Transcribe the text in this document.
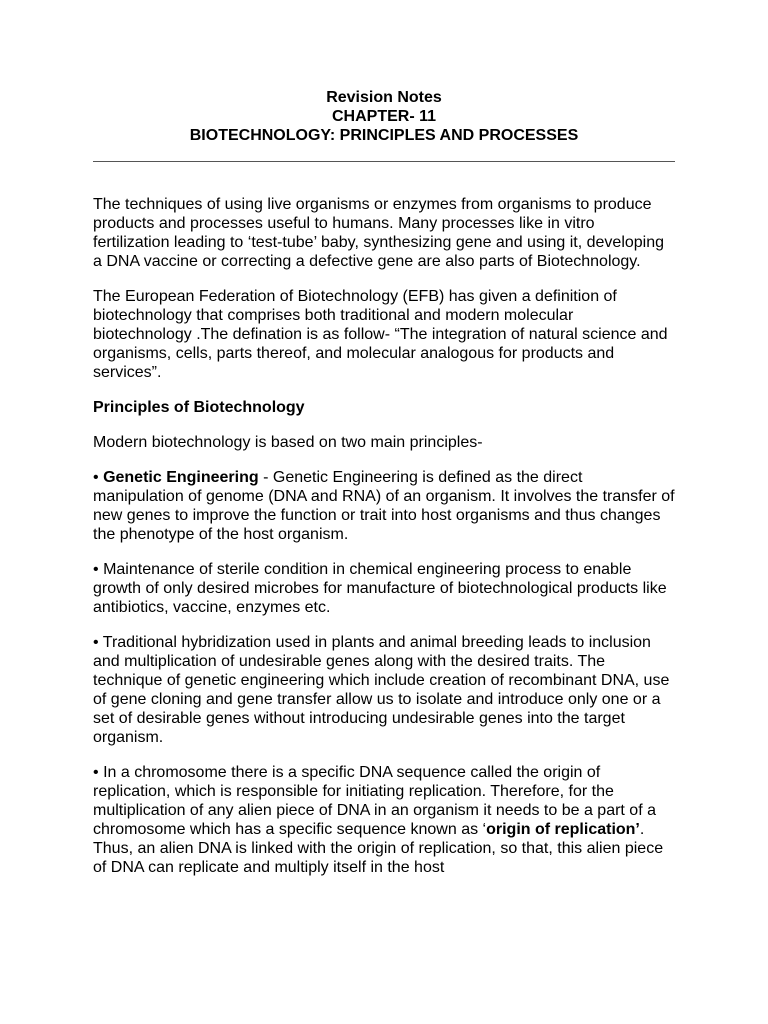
Revision Notes
CHAPTER- 11
BIOTECHNOLOGY: PRINCIPLES AND PROCESSES

The techniques of using live organisms or enzymes from organisms to produce products and processes useful to humans. Many processes like in vitro fertilization leading to ‘test-tube’ baby, synthesizing gene and using it, developing a DNA vaccine or correcting a defective gene are also parts of Biotechnology.

The European Federation of Biotechnology (EFB) has given a definition of biotechnology that comprises both traditional and modern molecular biotechnology .The defination is as follow- “The integration of natural science and organisms, cells, parts thereof, and molecular analogous for products and services”.

Principles of Biotechnology

Modern biotechnology is based on two main principles-

• Genetic Engineering - Genetic Engineering is defined as the direct manipulation of genome (DNA and RNA) of an organism. It involves the transfer of new genes to improve the function or trait into host organisms and thus changes the phenotype of the host organism.

• Maintenance of sterile condition in chemical engineering process to enable growth of only desired microbes for manufacture of biotechnological products like antibiotics, vaccine, enzymes etc.

• Traditional hybridization used in plants and animal breeding leads to inclusion and multiplication of undesirable genes along with the desired traits. The technique of genetic engineering which include creation of recombinant DNA, use of gene cloning and gene transfer allow us to isolate and introduce only one or a set of desirable genes without introducing undesirable genes into the target organism.

• In a chromosome there is a specific DNA sequence called the origin of replication, which is responsible for initiating replication. Therefore, for the multiplication of any alien piece of DNA in an organism it needs to be a part of a chromosome which has a specific sequence known as ‘origin of replication’. Thus, an alien DNA is linked with the origin of replication, so that, this alien piece of DNA can replicate and multiply itself in the host
